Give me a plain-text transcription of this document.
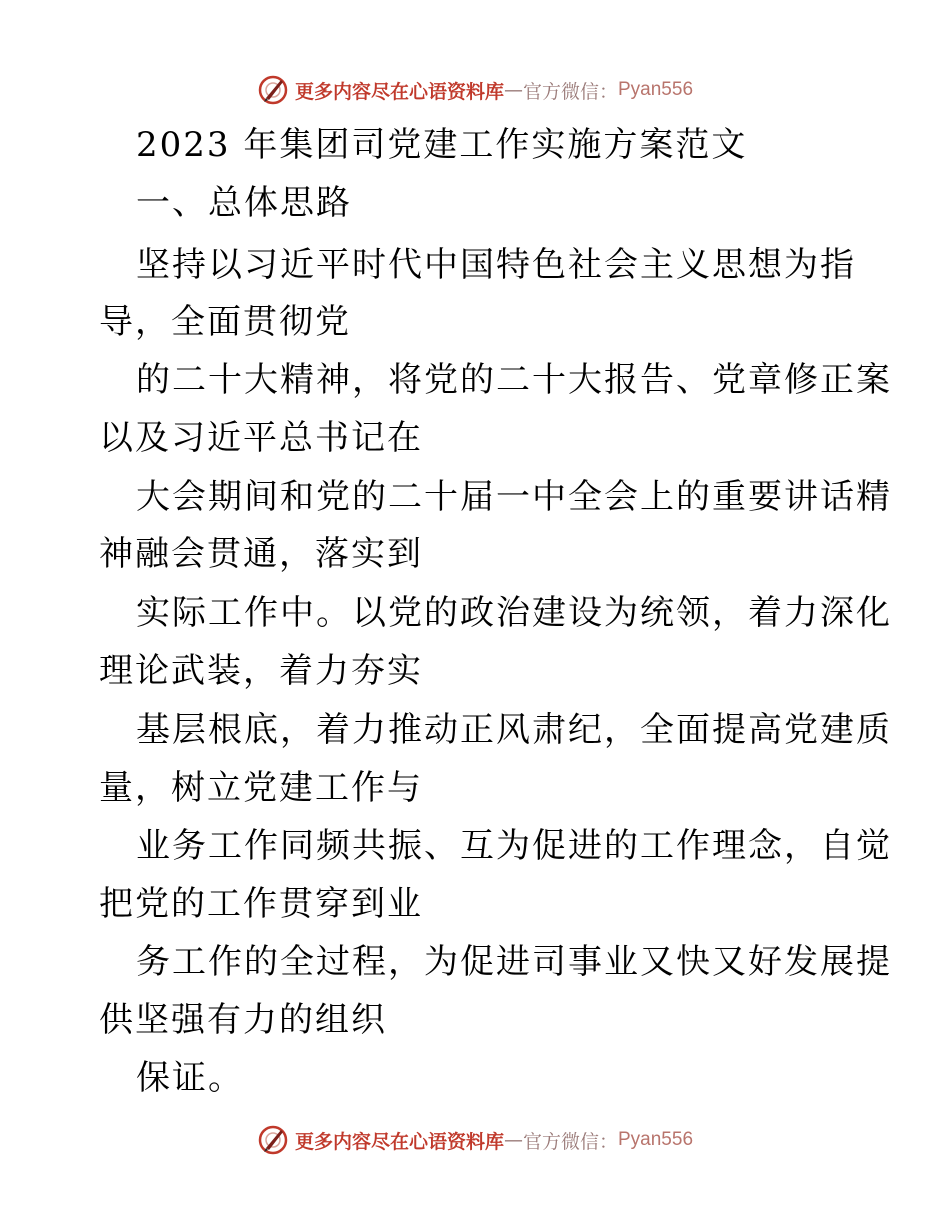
更多内容尽在心语资料库 — 官方微信： Pyan556
2023 年集团司党建工作实施方案范文
一、总体思路
坚持以习近平时代中国特色社会主义思想为指
导，全面贯彻党
的二十大精神，将党的二十大报告、党章修正案
以及习近平总书记在
大会期间和党的二十届一中全会上的重要讲话精
神融会贯通，落实到
实际工作中。以党的政治建设为统领，着力深化
理论武装，着力夯实
基层根底，着力推动正风肃纪，全面提高党建质
量，树立党建工作与
业务工作同频共振、互为促进的工作理念，自觉
把党的工作贯穿到业
务工作的全过程，为促进司事业又快又好发展提
供坚强有力的组织
保证。
更多内容尽在心语资料库 — 官方微信： Pyan556
